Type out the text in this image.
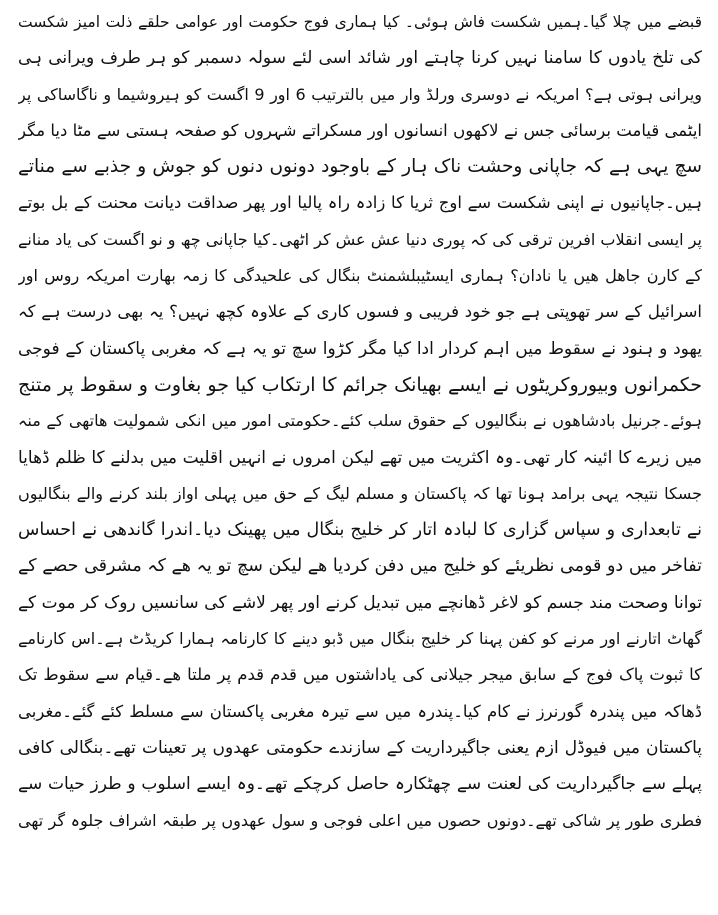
قبضے میں چلا گیا۔ہمیں شکست فاش ہوئی۔ کیا ہماری فوج حکومت اور عوامی حلقے ذلت امیز شکست
کی تلخ یادوں کا سامنا نہیں کرنا چاہتے اور شائد اسی لئے سولہ دسمبر کو ہر طرف ویرانی ہی
ویرانی ہوتی ہے؟ امریکہ نے دوسری ورلڈ وار میں بالترتیب 6 اور 9 اگست کو ہیروشیما و ناگاساکی پر
ایٹمی قیامت برسائی جس نے لاکھوں انسانوں اور مسکراتے شہروں کو صفحہ ہستی سے مٹا دیا مگر
سچ یہی ہے کہ جاپانی وحشت ناک ہار کے باوجود دونوں دنوں کو جوش و جذبے سے مناتے
ہیں۔جاپانیوں نے اپنی شکست سے اوج ثریا کا زادہ راہ پالیا اور پھر صداقت دیانت محنت کے بل بوتے
پر ایسی انقلاب افرین ترقی کی کہ پوری دنیا عش عش کر اٹھی۔کیا جاپانی چھ و نو اگست کی یاد منانے
کے کارن جاھل ھیں یا نادان؟ ہماری ایسٹیبلشمنٹ بنگال کی علحیدگی کا زمہ بھارت امریکہ روس اور
اسرائیل کے سر تھوپتی ہے جو خود فریبی و فسوں کاری کے علاوہ کچھ نہیں؟ یہ بھی درست ہے کہ
یھود و ہنود نے سقوط میں اہم کردار ادا کیا مگر کڑوا سچ تو یہ ہے کہ مغربی پاکستان کے فوجی
حکمرانوں وبیوروکریٹوں نے ایسے بھیانک جرائم کا ارتکاب کیا جو بغاوت و سقوط پر متنج
ہوئے۔جرنیل بادشاھوں نے بنگالیوں کے حقوق سلب کئے۔حکومتی امور میں انکی شمولیت ھاتھی کے منہ
میں زیرے کا ائینہ کار تھی۔وہ اکثریت میں تھے لیکن امروں نے انہیں اقلیت میں بدلنے کا ظلم ڈھایا
جسکا نتیجہ یہی برامد ہونا تھا کہ پاکستان و مسلم لیگ کے حق میں پہلی اواز بلند کرنے والے بنگالیوں
نے تابعداری و سپاس گزاری کا لبادہ اتار کر خلیج بنگال میں پھینک دیا۔اندرا گاندھی نے احساس
تفاخر میں دو قومی نظریئے کو خلیج میں دفن کردیا ھے لیکن سچ تو یہ ھے کہ مشرقی حصے کے
توانا وصحت مند جسم کو لاغر ڈھانچے میں تبدیل کرنے اور پھر لاشے کی سانسیں روک کر موت کے
گھاٹ اتارنے اور مرنے کو کفن پہنا کر خلیج بنگال میں ڈبو دینے کا کارنامہ ہمارا کریڈٹ ہے۔اس کارنامے
کا ثبوت پاک فوج کے سابق میجر جیلانی کی یاداشتوں میں قدم قدم پر ملتا ھے۔قیام سے سقوط تک
ڈھاکہ میں پندرہ گورنرز نے کام کیا۔پندرہ میں سے تیرہ مغربی پاکستان سے مسلط کئے گئے۔مغربی
پاکستان میں فیوڈل ازم یعنی جاگیرداریت کے سازندے حکومتی عھدوں پر تعینات تھے۔بنگالی کافی
پہلے سے جاگیرداریت کی لعنت سے چھٹکارہ حاصل کرچکے تھے۔وہ ایسے اسلوب و طرز حیات سے
فطری طور پر شاکی تھے۔دونوں حصوں میں اعلی فوجی و سول عھدوں پر طبقہ اشراف جلوہ گر تھی
